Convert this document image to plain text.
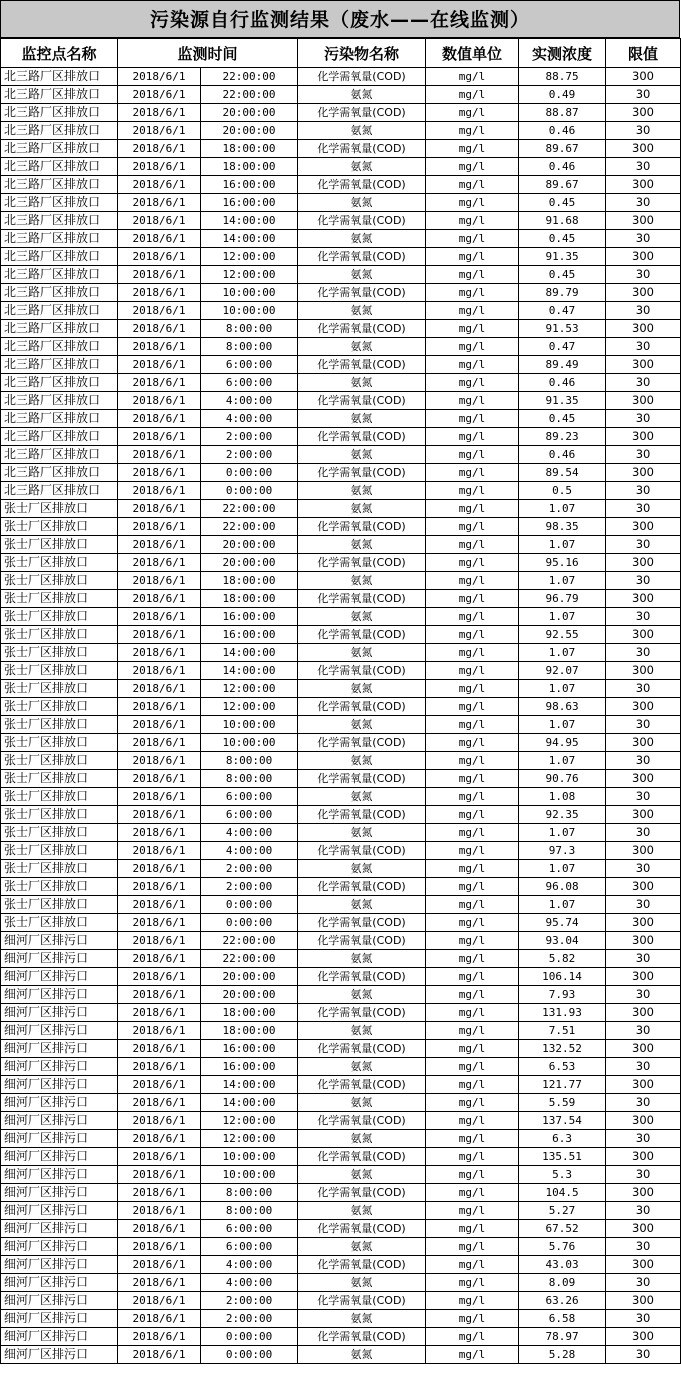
污染源自行监测结果（废水——在线监测）
监控点名称	监测时间		污染物名称	数值单位	实测浓度	限值
北三路厂区排放口	2018/6/1	22:00:00	化学需氧量(COD)	mg/l	88.75	300
北三路厂区排放口	2018/6/1	22:00:00	氨氮	mg/l	0.49	30
北三路厂区排放口	2018/6/1	20:00:00	化学需氧量(COD)	mg/l	88.87	300
北三路厂区排放口	2018/6/1	20:00:00	氨氮	mg/l	0.46	30
北三路厂区排放口	2018/6/1	18:00:00	化学需氧量(COD)	mg/l	89.67	300
北三路厂区排放口	2018/6/1	18:00:00	氨氮	mg/l	0.46	30
北三路厂区排放口	2018/6/1	16:00:00	化学需氧量(COD)	mg/l	89.67	300
北三路厂区排放口	2018/6/1	16:00:00	氨氮	mg/l	0.45	30
北三路厂区排放口	2018/6/1	14:00:00	化学需氧量(COD)	mg/l	91.68	300
北三路厂区排放口	2018/6/1	14:00:00	氨氮	mg/l	0.45	30
北三路厂区排放口	2018/6/1	12:00:00	化学需氧量(COD)	mg/l	91.35	300
北三路厂区排放口	2018/6/1	12:00:00	氨氮	mg/l	0.45	30
北三路厂区排放口	2018/6/1	10:00:00	化学需氧量(COD)	mg/l	89.79	300
北三路厂区排放口	2018/6/1	10:00:00	氨氮	mg/l	0.47	30
北三路厂区排放口	2018/6/1	8:00:00	化学需氧量(COD)	mg/l	91.53	300
北三路厂区排放口	2018/6/1	8:00:00	氨氮	mg/l	0.47	30
北三路厂区排放口	2018/6/1	6:00:00	化学需氧量(COD)	mg/l	89.49	300
北三路厂区排放口	2018/6/1	6:00:00	氨氮	mg/l	0.46	30
北三路厂区排放口	2018/6/1	4:00:00	化学需氧量(COD)	mg/l	91.35	300
北三路厂区排放口	2018/6/1	4:00:00	氨氮	mg/l	0.45	30
北三路厂区排放口	2018/6/1	2:00:00	化学需氧量(COD)	mg/l	89.23	300
北三路厂区排放口	2018/6/1	2:00:00	氨氮	mg/l	0.46	30
北三路厂区排放口	2018/6/1	0:00:00	化学需氧量(COD)	mg/l	89.54	300
北三路厂区排放口	2018/6/1	0:00:00	氨氮	mg/l	0.5	30
张士厂区排放口	2018/6/1	22:00:00	氨氮	mg/l	1.07	30
张士厂区排放口	2018/6/1	22:00:00	化学需氧量(COD)	mg/l	98.35	300
张士厂区排放口	2018/6/1	20:00:00	氨氮	mg/l	1.07	30
张士厂区排放口	2018/6/1	20:00:00	化学需氧量(COD)	mg/l	95.16	300
张士厂区排放口	2018/6/1	18:00:00	氨氮	mg/l	1.07	30
张士厂区排放口	2018/6/1	18:00:00	化学需氧量(COD)	mg/l	96.79	300
张士厂区排放口	2018/6/1	16:00:00	氨氮	mg/l	1.07	30
张士厂区排放口	2018/6/1	16:00:00	化学需氧量(COD)	mg/l	92.55	300
张士厂区排放口	2018/6/1	14:00:00	氨氮	mg/l	1.07	30
张士厂区排放口	2018/6/1	14:00:00	化学需氧量(COD)	mg/l	92.07	300
张士厂区排放口	2018/6/1	12:00:00	氨氮	mg/l	1.07	30
张士厂区排放口	2018/6/1	12:00:00	化学需氧量(COD)	mg/l	98.63	300
张士厂区排放口	2018/6/1	10:00:00	氨氮	mg/l	1.07	30
张士厂区排放口	2018/6/1	10:00:00	化学需氧量(COD)	mg/l	94.95	300
张士厂区排放口	2018/6/1	8:00:00	氨氮	mg/l	1.07	30
张士厂区排放口	2018/6/1	8:00:00	化学需氧量(COD)	mg/l	90.76	300
张士厂区排放口	2018/6/1	6:00:00	氨氮	mg/l	1.08	30
张士厂区排放口	2018/6/1	6:00:00	化学需氧量(COD)	mg/l	92.35	300
张士厂区排放口	2018/6/1	4:00:00	氨氮	mg/l	1.07	30
张士厂区排放口	2018/6/1	4:00:00	化学需氧量(COD)	mg/l	97.3	300
张士厂区排放口	2018/6/1	2:00:00	氨氮	mg/l	1.07	30
张士厂区排放口	2018/6/1	2:00:00	化学需氧量(COD)	mg/l	96.08	300
张士厂区排放口	2018/6/1	0:00:00	氨氮	mg/l	1.07	30
张士厂区排放口	2018/6/1	0:00:00	化学需氧量(COD)	mg/l	95.74	300
细河厂区排污口	2018/6/1	22:00:00	化学需氧量(COD)	mg/l	93.04	300
细河厂区排污口	2018/6/1	22:00:00	氨氮	mg/l	5.82	30
细河厂区排污口	2018/6/1	20:00:00	化学需氧量(COD)	mg/l	106.14	300
细河厂区排污口	2018/6/1	20:00:00	氨氮	mg/l	7.93	30
细河厂区排污口	2018/6/1	18:00:00	化学需氧量(COD)	mg/l	131.93	300
细河厂区排污口	2018/6/1	18:00:00	氨氮	mg/l	7.51	30
细河厂区排污口	2018/6/1	16:00:00	化学需氧量(COD)	mg/l	132.52	300
细河厂区排污口	2018/6/1	16:00:00	氨氮	mg/l	6.53	30
细河厂区排污口	2018/6/1	14:00:00	化学需氧量(COD)	mg/l	121.77	300
细河厂区排污口	2018/6/1	14:00:00	氨氮	mg/l	5.59	30
细河厂区排污口	2018/6/1	12:00:00	化学需氧量(COD)	mg/l	137.54	300
细河厂区排污口	2018/6/1	12:00:00	氨氮	mg/l	6.3	30
细河厂区排污口	2018/6/1	10:00:00	化学需氧量(COD)	mg/l	135.51	300
细河厂区排污口	2018/6/1	10:00:00	氨氮	mg/l	5.3	30
细河厂区排污口	2018/6/1	8:00:00	化学需氧量(COD)	mg/l	104.5	300
细河厂区排污口	2018/6/1	8:00:00	氨氮	mg/l	5.27	30
细河厂区排污口	2018/6/1	6:00:00	化学需氧量(COD)	mg/l	67.52	300
细河厂区排污口	2018/6/1	6:00:00	氨氮	mg/l	5.76	30
细河厂区排污口	2018/6/1	4:00:00	化学需氧量(COD)	mg/l	43.03	300
细河厂区排污口	2018/6/1	4:00:00	氨氮	mg/l	8.09	30
细河厂区排污口	2018/6/1	2:00:00	化学需氧量(COD)	mg/l	63.26	300
细河厂区排污口	2018/6/1	2:00:00	氨氮	mg/l	6.58	30
细河厂区排污口	2018/6/1	0:00:00	化学需氧量(COD)	mg/l	78.97	300
细河厂区排污口	2018/6/1	0:00:00	氨氮	mg/l	5.28	30
